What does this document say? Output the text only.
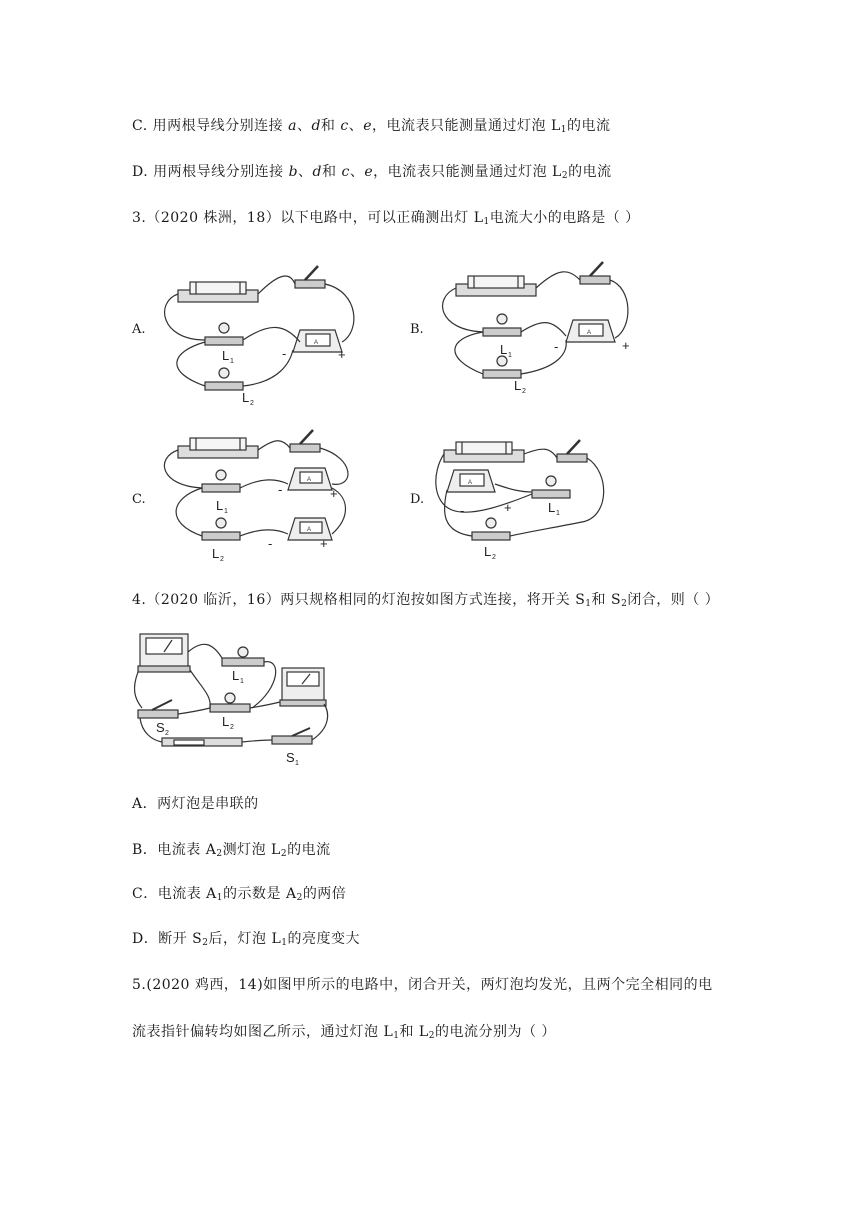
C. 用两根导线分别连接 a、d和 c、e，电流表只能测量通过灯泡 $L_1$的电流
D. 用两根导线分别连接 b、d和 c、e，电流表只能测量通过灯泡 $L_2$的电流
3.（2020 株洲，18）以下电路中，可以正确测出灯 $L_1$电流大小的电路是（ ）
A.
A
L 1
L 2
-	+
B.	A
L 1
L 2
-	+
C.
A
A
L 1
L 2
-	+
-	+
D.
A
L 1
L 2
-	+
4.（2020 临沂，16）两只规格相同的灯泡按如图方式连接，将开关 $S_1$和 $S_2$闭合，则（ ）
L 1
L 2
S 2
S 1
A．两灯泡是串联的
B．电流表 $A_2$测灯泡 $L_2$的电流
C．电流表 $A_1$的示数是 $A_2$的两倍
D．断开 $S_2$后，灯泡 $L_1$的亮度变大
5.(2020 鸡西，14)如图甲所示的电路中，闭合开关，两灯泡均发光，且两个完全相同的电
流表指针偏转均如图乙所示，通过灯泡 $L_1$和 $L_2$的电流分别为（ ）
